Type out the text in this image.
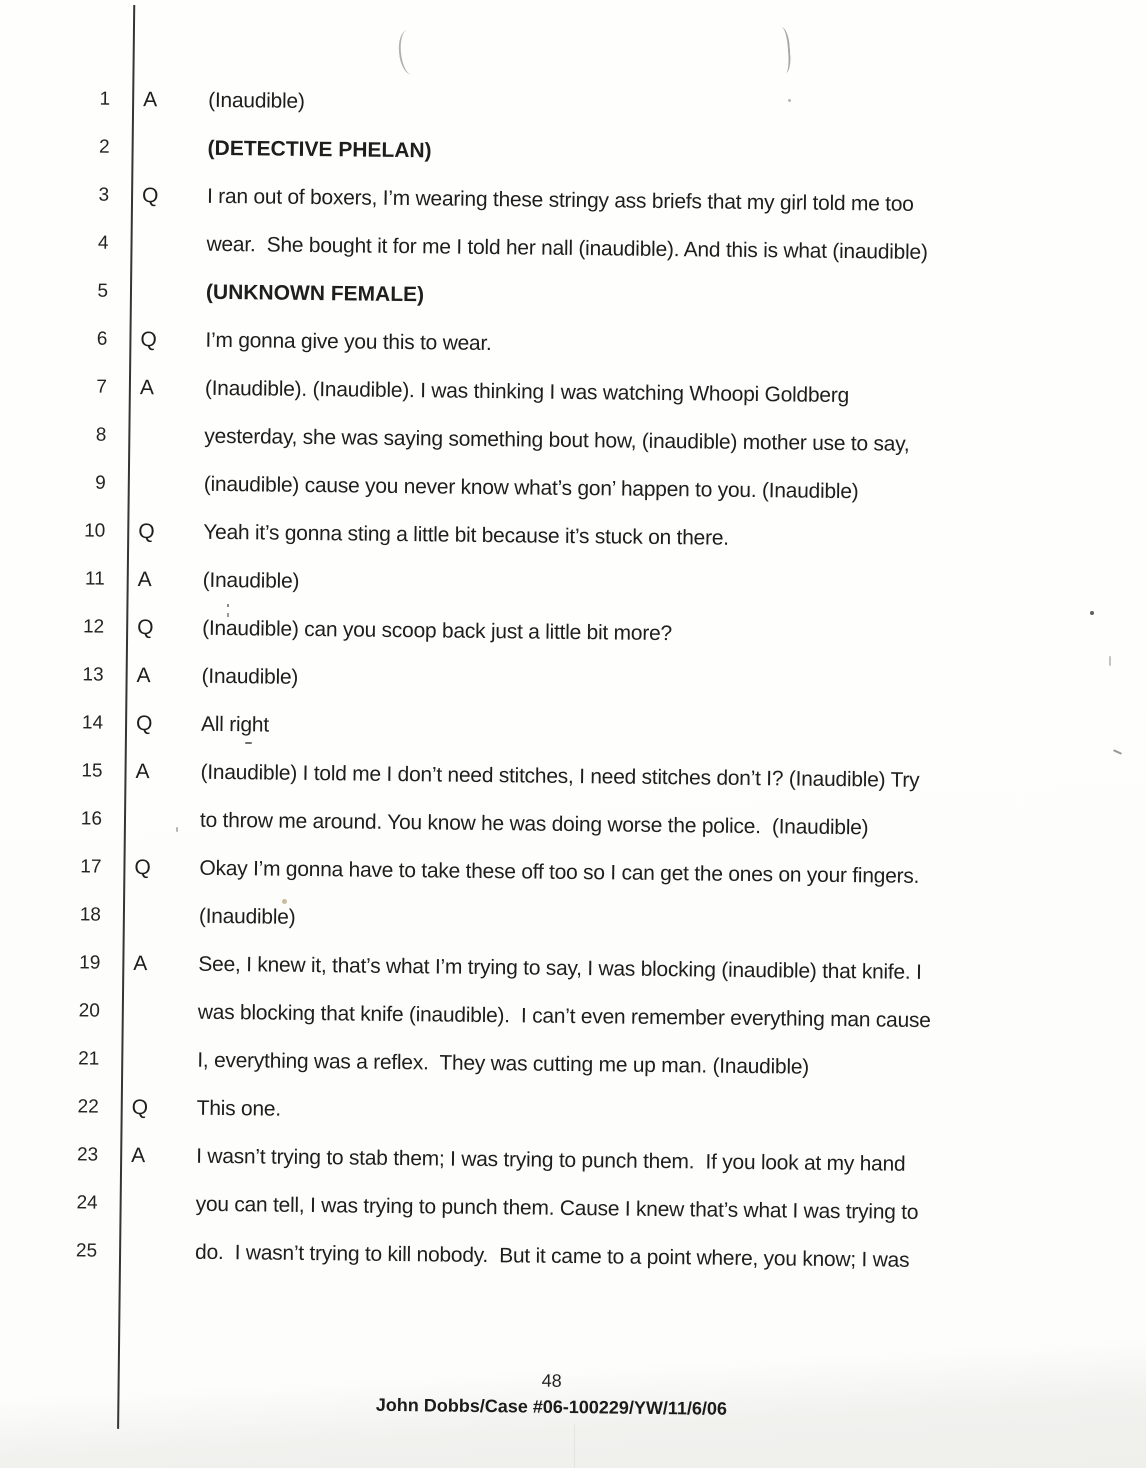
1 A (Inaudible)
2	(DETECTIVE PHELAN)
3 Q I ran out of boxers, I’m wearing these stringy ass briefs that my girl told me too
4	wear.  She bought it for me I told her nall (inaudible). And this is what (inaudible)
5	(UNKNOWN FEMALE)
6 Q I’m gonna give you this to wear.
7 A (Inaudible). (Inaudible). I was thinking I was watching Whoopi Goldberg
8	yesterday, she was saying something bout how, (inaudible) mother use to say,
9	(inaudible) cause you never know what’s gon’ happen to you. (Inaudible)
10 Q Yeah it’s gonna sting a little bit because it’s stuck on there.
11 A (Inaudible)
12 Q (Inaudible) can you scoop back just a little bit more?
13 A (Inaudible)
14 Q All right
15 A (Inaudible) I told me I don’t need stitches, I need stitches don’t I? (Inaudible) Try
16	to throw me around. You know he was doing worse the police.  (Inaudible)
17 Q Okay I’m gonna have to take these off too so I can get the ones on your fingers.
18	(Inaudible)
19 A See, I knew it, that’s what I’m trying to say, I was blocking (inaudible) that knife. I
20	was blocking that knife (inaudible).  I can’t even remember everything man cause
21	I, everything was a reflex.  They was cutting me up man. (Inaudible)
22 Q This one.
23 A I wasn’t trying to stab them; I was trying to punch them.  If you look at my hand
24	you can tell, I was trying to punch them. Cause I knew that’s what I was trying to
25	do.  I wasn’t trying to kill nobody.  But it came to a point where, you know; I was
48
John Dobbs/Case #06-100229/YW/11/6/06
